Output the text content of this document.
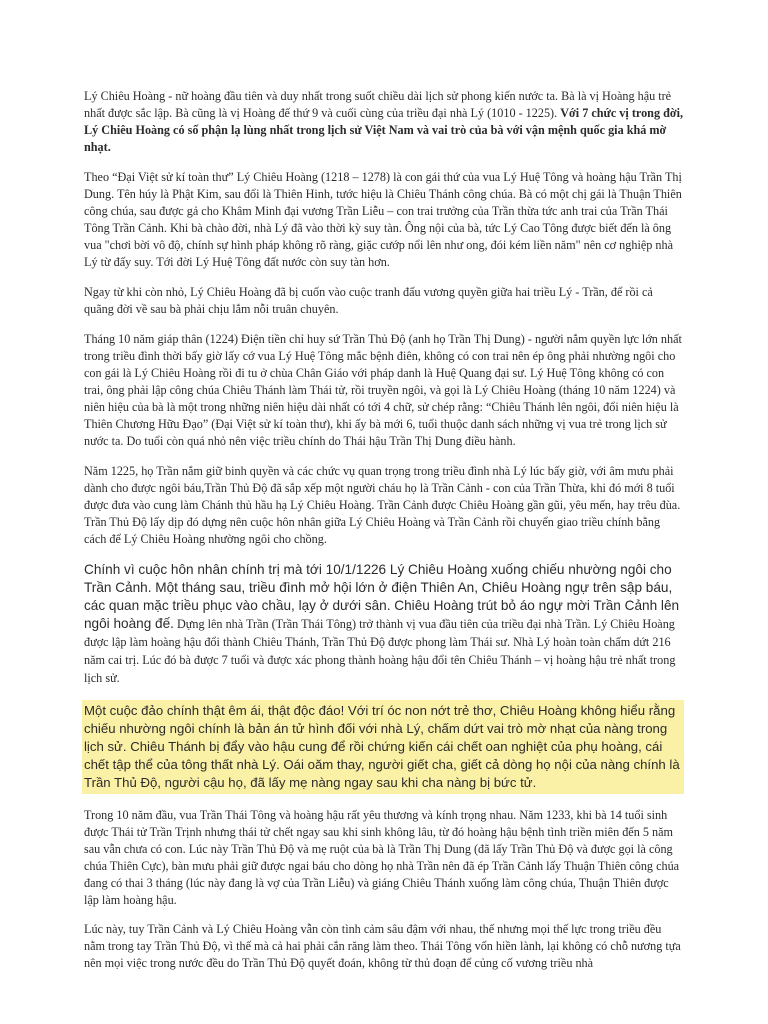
Lý Chiêu Hoàng - nữ hoàng đầu tiên và duy nhất trong suốt chiều dài lịch sử phong kiến nước ta. Bà là vị Hoàng hậu trẻ nhất được sắc lập. Bà cũng là vị Hoàng đế thứ 9 và cuối cùng của triều đại nhà Lý (1010 - 1225). Với 7 chức vị trong đời, Lý Chiêu Hoàng có số phận lạ lùng nhất trong lịch sử Việt Nam và vai trò của bà với vận mệnh quốc gia khá mờ nhạt.

Theo “Đại Việt sử kí toàn thư” Lý Chiêu Hoàng (1218 – 1278) là con gái thứ của vua Lý Huệ Tông và hoàng hậu Trần Thị Dung. Tên húy là Phật Kim, sau đổi là Thiên Hinh, tước hiệu là Chiêu Thánh công chúa. Bà có một chị gái là Thuận Thiên công chúa, sau được gả cho Khâm Minh đại vương Trần Liễu – con trai trưởng của Trần thừa tức anh trai của Trần Thái Tông Trần Cảnh. Khi bà chào đời, nhà Lý đã vào thời kỳ suy tàn. Ông nội của bà, tức Lý Cao Tông được biết đến là ông vua "chơi bời vô độ, chính sự hình pháp không rõ ràng, giặc cướp nổi lên như ong, đói kém liền năm" nên cơ nghiệp nhà Lý từ đấy suy. Tới đời Lý Huệ Tông đất nước còn suy tàn hơn.

Ngay từ khi còn nhỏ, Lý Chiêu Hoàng đã bị cuốn vào cuộc tranh đấu vương quyền giữa hai triều Lý - Trần, để rồi cả quãng đời về sau bà phải chịu lắm nỗi truân chuyên.

Tháng 10 năm giáp thân (1224) Điện tiền chỉ huy sứ Trần Thủ Độ (anh họ Trần Thị Dung) - người nắm quyền lực lớn nhất trong triều đình thời bấy giờ lấy cớ vua Lý Huệ Tông mắc bệnh điên, không có con trai nên ép ông phải nhường ngôi cho con gái là Lý Chiêu Hoàng rồi đi tu ở chùa Chân Giáo với pháp danh là Huệ Quang đại sư. Lý Huệ Tông không có con trai, ông phải lập công chúa Chiêu Thánh làm Thái tử, rồi truyền ngôi, và gọi là Lý Chiêu Hoàng (tháng 10 năm 1224) và niên hiệu của bà là một trong những niên hiệu dài nhất có tới 4 chữ, sử chép rằng: “Chiêu Thánh lên ngôi, đổi niên hiệu là Thiên Chương Hữu Đạo” (Đại Việt sử kí toàn thư), khi ấy bà mới 6, tuổi thuộc danh sách những vị vua trẻ trong lịch sử nước ta. Do tuổi còn quá nhỏ nên việc triều chính do Thái hậu Trần Thị Dung điều hành.

Năm 1225, họ Trần nắm giữ binh quyền và các chức vụ quan trọng trong triều đình nhà Lý lúc bấy giờ, với âm mưu phải dành cho được ngôi báu,Trần Thủ Độ đã sắp xếp một người cháu họ là Trần Cảnh - con của Trần Thừa, khi đó mới 8 tuổi được đưa vào cung làm Chánh thủ hầu hạ Lý Chiêu Hoàng. Trần Cảnh được Chiêu Hoàng gần gũi, yêu mến, hay trêu đùa. Trần Thủ Độ lấy dịp đó dựng nên cuộc hôn nhân giữa Lý Chiêu Hoàng và Trần Cảnh rồi chuyển giao triều chính bằng cách để Lý Chiêu Hoàng nhường ngôi cho chồng.

Chính vì cuộc hôn nhân chính trị mà tới 10/1/1226 Lý Chiêu Hoàng xuống chiếu nhường ngôi cho Trần Cảnh. Một tháng sau, triều đình mở hội lớn ở điện Thiên An, Chiêu Hoàng ngự trên sập báu, các quan mặc triều phục vào chầu, lạy ở dưới sân. Chiêu Hoàng trút bỏ áo ngự mời Trần Cảnh lên ngôi hoàng đế. Dựng lên nhà Trần (Trần Thái Tông) trở thành vị vua đầu tiên của triều đại nhà Trần. Lý Chiêu Hoàng được lập làm hoàng hậu đổi thành Chiêu Thánh, Trần Thủ Độ được phong làm Thái sư. Nhà Lý hoàn toàn chấm dứt 216 năm cai trị. Lúc đó bà được 7 tuổi và được xác phong thành hoàng hậu đổi tên Chiêu Thánh – vị hoàng hậu trẻ nhất trong lịch sử.

Một cuộc đảo chính thật êm ái, thật độc đáo! Với trí óc non nớt trẻ thơ, Chiêu Hoàng không hiểu rằng chiếu nhường ngôi chính là bản án tử hình đối với nhà Lý, chấm dứt vai trò mờ nhạt của nàng trong lịch sử. Chiêu Thánh bị đẩy vào hậu cung để rồi chứng kiến cái chết oan nghiệt của phụ hoàng, cái chết tập thể của tông thất nhà Lý. Oái oăm thay, người giết cha, giết cả dòng họ nội của nàng chính là Trần Thủ Độ, người cậu họ, đã lấy mẹ nàng ngay sau khi cha nàng bị bức tử.

Trong 10 năm đầu, vua Trần Thái Tông và hoàng hậu rất yêu thương và kính trọng nhau. Năm 1233, khi bà 14 tuổi sinh được Thái tử Trần Trịnh nhưng thái tử chết ngay sau khi sinh không lâu, từ đó hoàng hậu bệnh tình triền miên đến 5 năm sau vẫn chưa có con. Lúc này Trần Thủ Độ và mẹ ruột của bà là Trần Thị Dung (đã lấy Trần Thủ Độ và được gọi là công chúa Thiên Cực), bàn mưu phải giữ được ngai báu cho dòng họ nhà Trần nên đã ép Trần Cảnh lấy Thuận Thiên công chúa đang có thai 3 tháng (lúc này đang là vợ của Trần Liễu) và giáng Chiêu Thánh xuống làm công chúa, Thuận Thiên được lập làm hoàng hậu.

Lúc này, tuy Trần Cảnh và Lý Chiêu Hoàng vẫn còn tình cảm sâu đậm với nhau, thế nhưng mọi thế lực trong triều đều nằm trong tay Trần Thủ Độ, vì thế mà cả hai phải cắn răng làm theo. Thái Tông vốn hiền lành, lại không có chỗ nương tựa nên mọi việc trong nước đều do Trần Thủ Độ quyết đoán, không từ thủ đoạn để củng cố vương triều nhà
